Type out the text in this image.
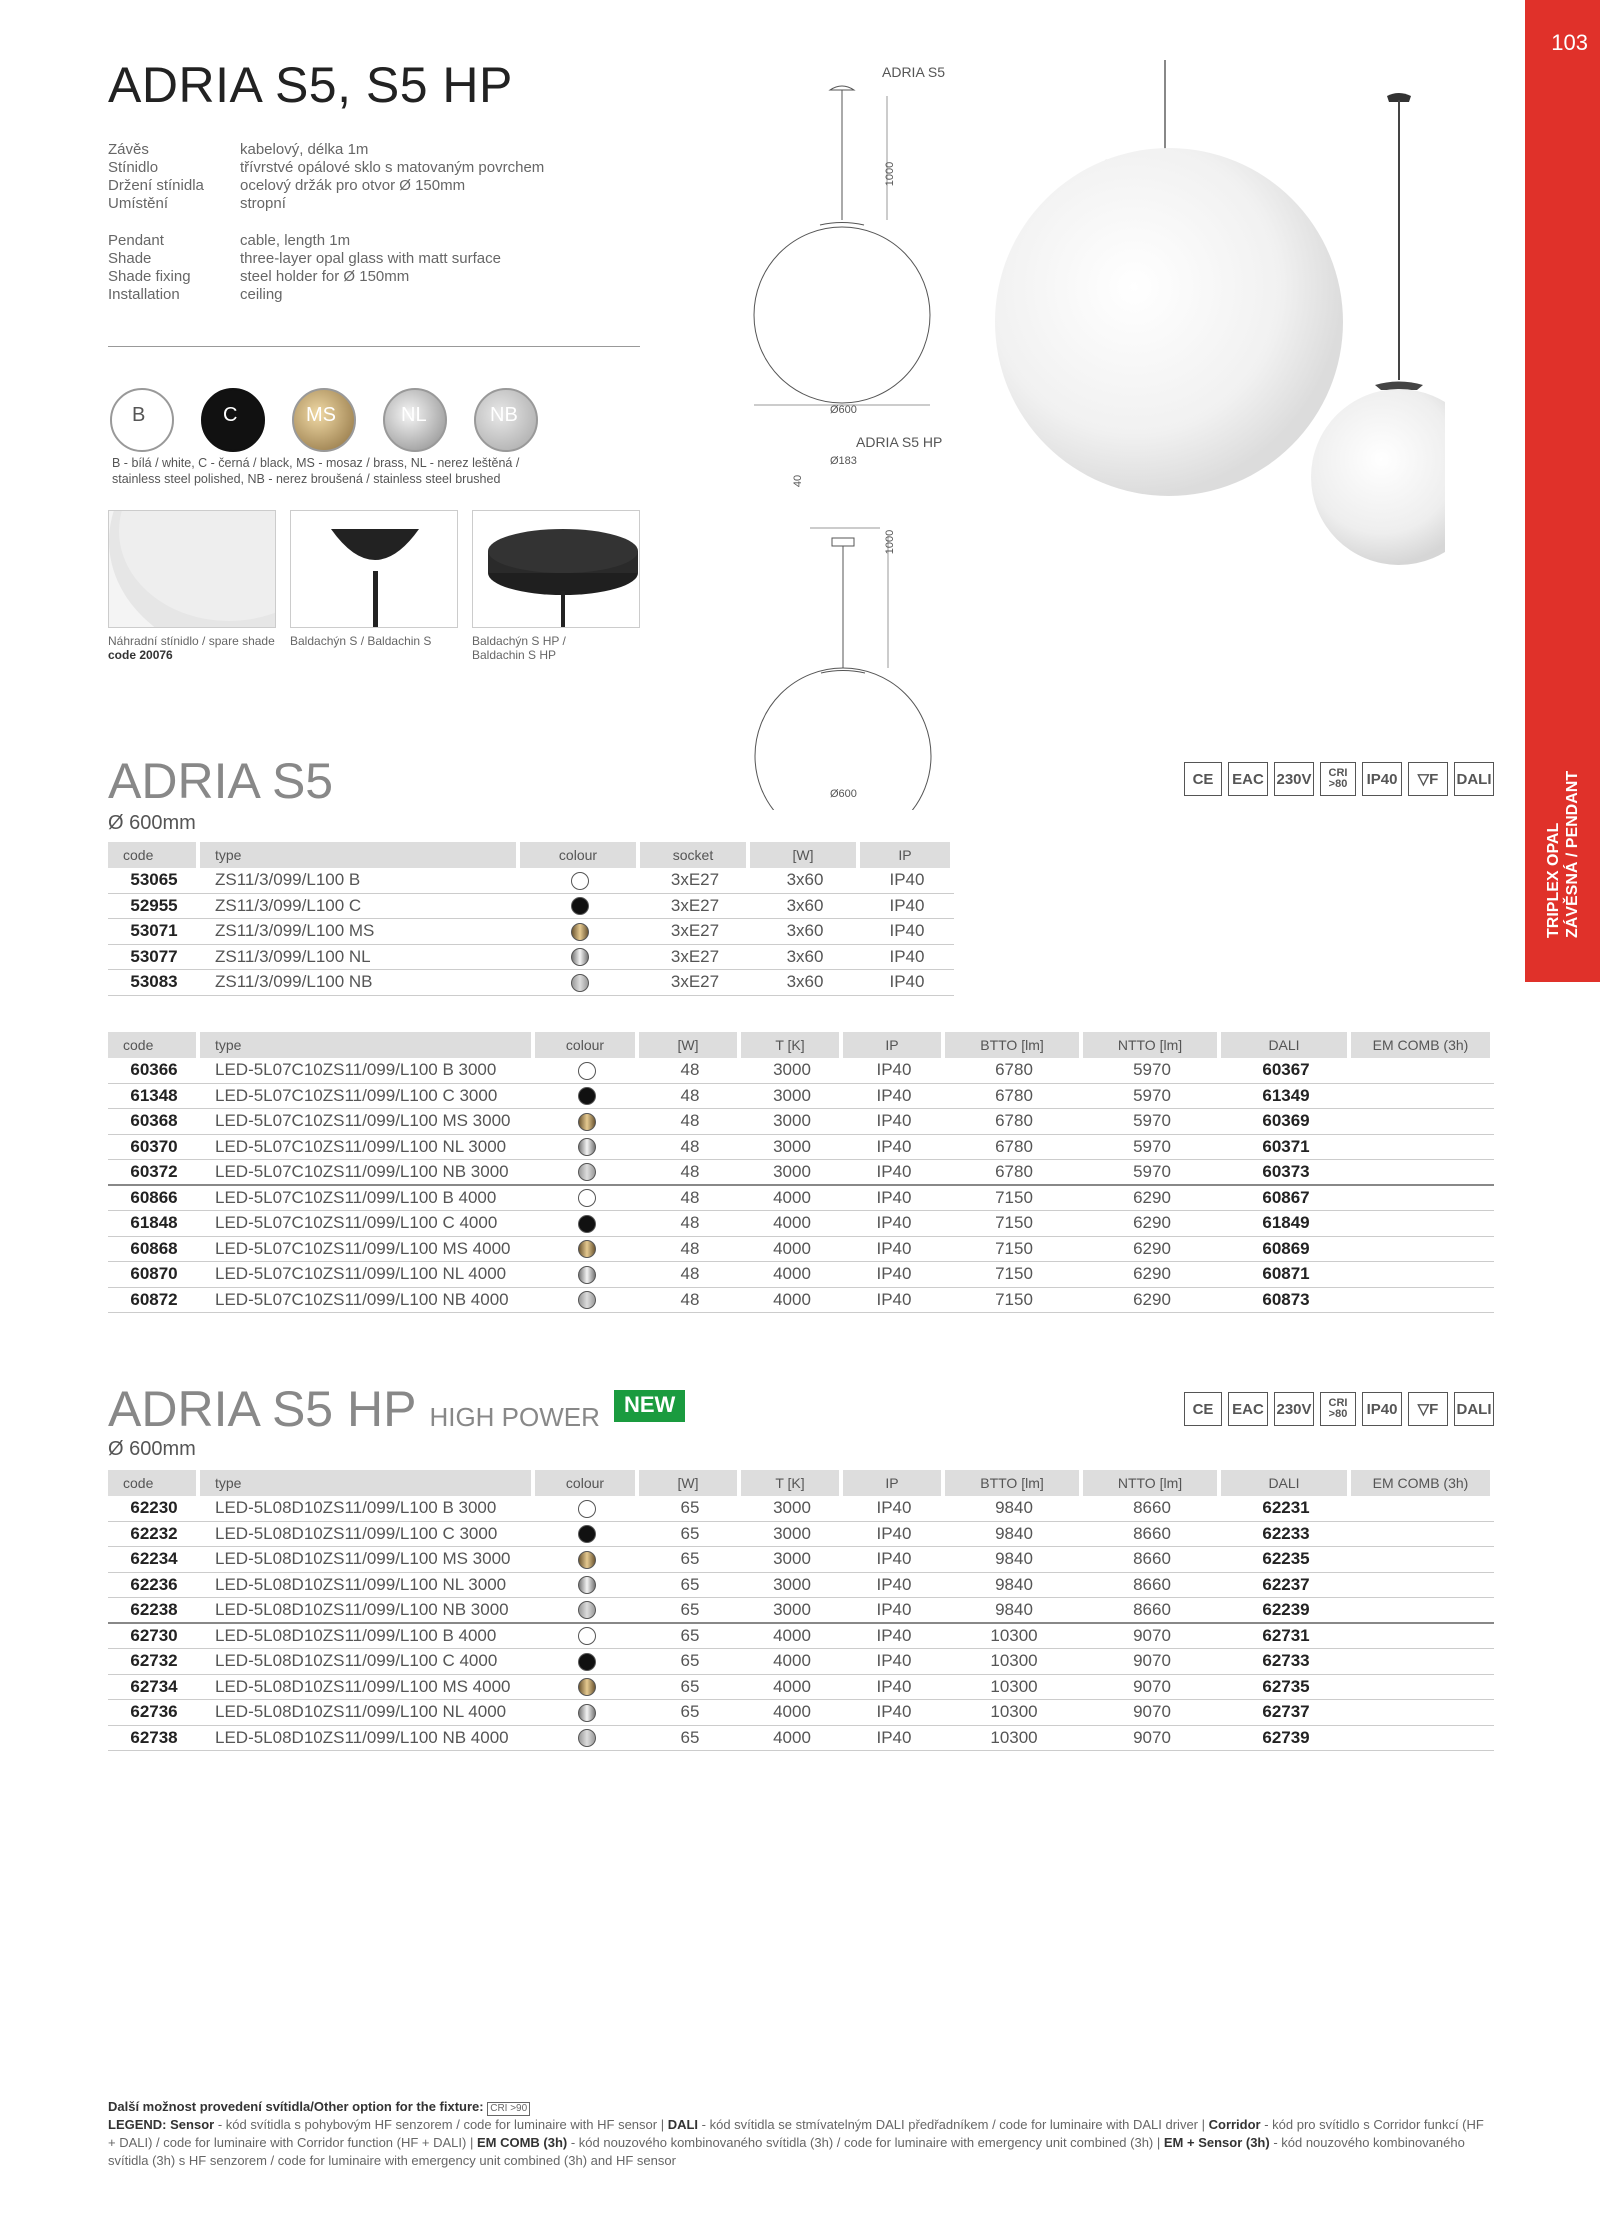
103
TRIPLEX OPAL ZÁVĚSNÁ / PENDANT
ADRIA S5, S5 HP
Závěs	kabelový, délka 1m
Stínidlo	třívrstvé opálové sklo s matovaným povrchem
Držení stínidla	ocelový držák pro otvor Ø 150mm
Umístění	stropní
Pendant	cable, length 1m
Shade	three-layer opal glass with matt surface
Shade fixing	steel holder for Ø 150mm
Installation	ceiling
B	C	MS	NL	NB
B - bílá / white, C - černá / black, MS - mosaz / brass, NL - nerez leštěná /
stainless steel polished, NB - nerez broušená / stainless steel brushed
Náhradní stínidlo / spare shade
code 20076
Baldachýn S / Baldachin S	Baldachýn S HP /
Baldachin S HP
ADRIA S5
1000
Ø600
ADRIA S5 HP
Ø183
40
1000
Ø600
ADRIA S5
Ø 600mm
CE	EAC 230V	CRI >80	IP40	▽F	DALI
code	type	colour	socket	[W]	IP
53065	ZS11/3/099/L100 B		3xE27	3x60	IP40
52955	ZS11/3/099/L100 C		3xE27	3x60	IP40
53071	ZS11/3/099/L100 MS		3xE27	3x60	IP40
53077	ZS11/3/099/L100 NL		3xE27	3x60	IP40
53083	ZS11/3/099/L100 NB		3xE27	3x60	IP40
code	type	colour	[W]	T [K]	IP	BTTO [lm]	NTTO [lm]	DALI	EM COMB (3h)
60366	LED-5L07C10ZS11/099/L100 B 3000		48	3000	IP40	6780	5970	60367	
61348	LED-5L07C10ZS11/099/L100 C 3000		48	3000	IP40	6780	5970	61349	
60368	LED-5L07C10ZS11/099/L100 MS 3000		48	3000	IP40	6780	5970	60369	
60370	LED-5L07C10ZS11/099/L100 NL 3000		48	3000	IP40	6780	5970	60371	
60372	LED-5L07C10ZS11/099/L100 NB 3000		48	3000	IP40	6780	5970	60373	
60866	LED-5L07C10ZS11/099/L100 B 4000		48	4000	IP40	7150	6290	60867	
61848	LED-5L07C10ZS11/099/L100 C 4000		48	4000	IP40	7150	6290	61849	
60868	LED-5L07C10ZS11/099/L100 MS 4000		48	4000	IP40	7150	6290	60869	
60870	LED-5L07C10ZS11/099/L100 NL 4000		48	4000	IP40	7150	6290	60871	
60872	LED-5L07C10ZS11/099/L100 NB 4000		48	4000	IP40	7150	6290	60873	
ADRIA S5 HP HIGH POWER	NEW
Ø 600mm
CE	EAC 230V	CRI >80	IP40	▽F	DALI
code	type	colour	[W]	T [K]	IP	BTTO [lm]	NTTO [lm]	DALI	EM COMB (3h)
62230	LED-5L08D10ZS11/099/L100 B 3000		65	3000	IP40	9840	8660	62231	
62232	LED-5L08D10ZS11/099/L100 C 3000		65	3000	IP40	9840	8660	62233	
62234	LED-5L08D10ZS11/099/L100 MS 3000		65	3000	IP40	9840	8660	62235	
62236	LED-5L08D10ZS11/099/L100 NL 3000		65	3000	IP40	9840	8660	62237	
62238	LED-5L08D10ZS11/099/L100 NB 3000		65	3000	IP40	9840	8660	62239	
62730	LED-5L08D10ZS11/099/L100 B 4000		65	4000	IP40	10300	9070	62731	
62732	LED-5L08D10ZS11/099/L100 C 4000		65	4000	IP40	10300	9070	62733	
62734	LED-5L08D10ZS11/099/L100 MS 4000		65	4000	IP40	10300	9070	62735	
62736	LED-5L08D10ZS11/099/L100 NL 4000		65	4000	IP40	10300	9070	62737	
62738	LED-5L08D10ZS11/099/L100 NB 4000		65	4000	IP40	10300	9070	62739	
Další možnost provedení svítidla/Other option for the fixture: CRI >90
LEGEND: Sensor - kód svítidla s pohybovým HF senzorem / code for luminaire with HF sensor | DALI - kód svítidla se stmívatelným DALI předřadníkem / code for luminaire with DALI driver | Corridor - kód pro svítidlo s Corridor funkcí (HF + DALI) / code for luminaire with Corridor function (HF + DALI) | EM COMB (3h) - kód nouzového kombinovaného svítidla (3h) / code for luminaire with emergency unit combined (3h) | EM + Sensor (3h) - kód nouzového kombinovaného svítidla (3h) s HF senzorem / code for luminaire with emergency unit combined (3h) and HF sensor
